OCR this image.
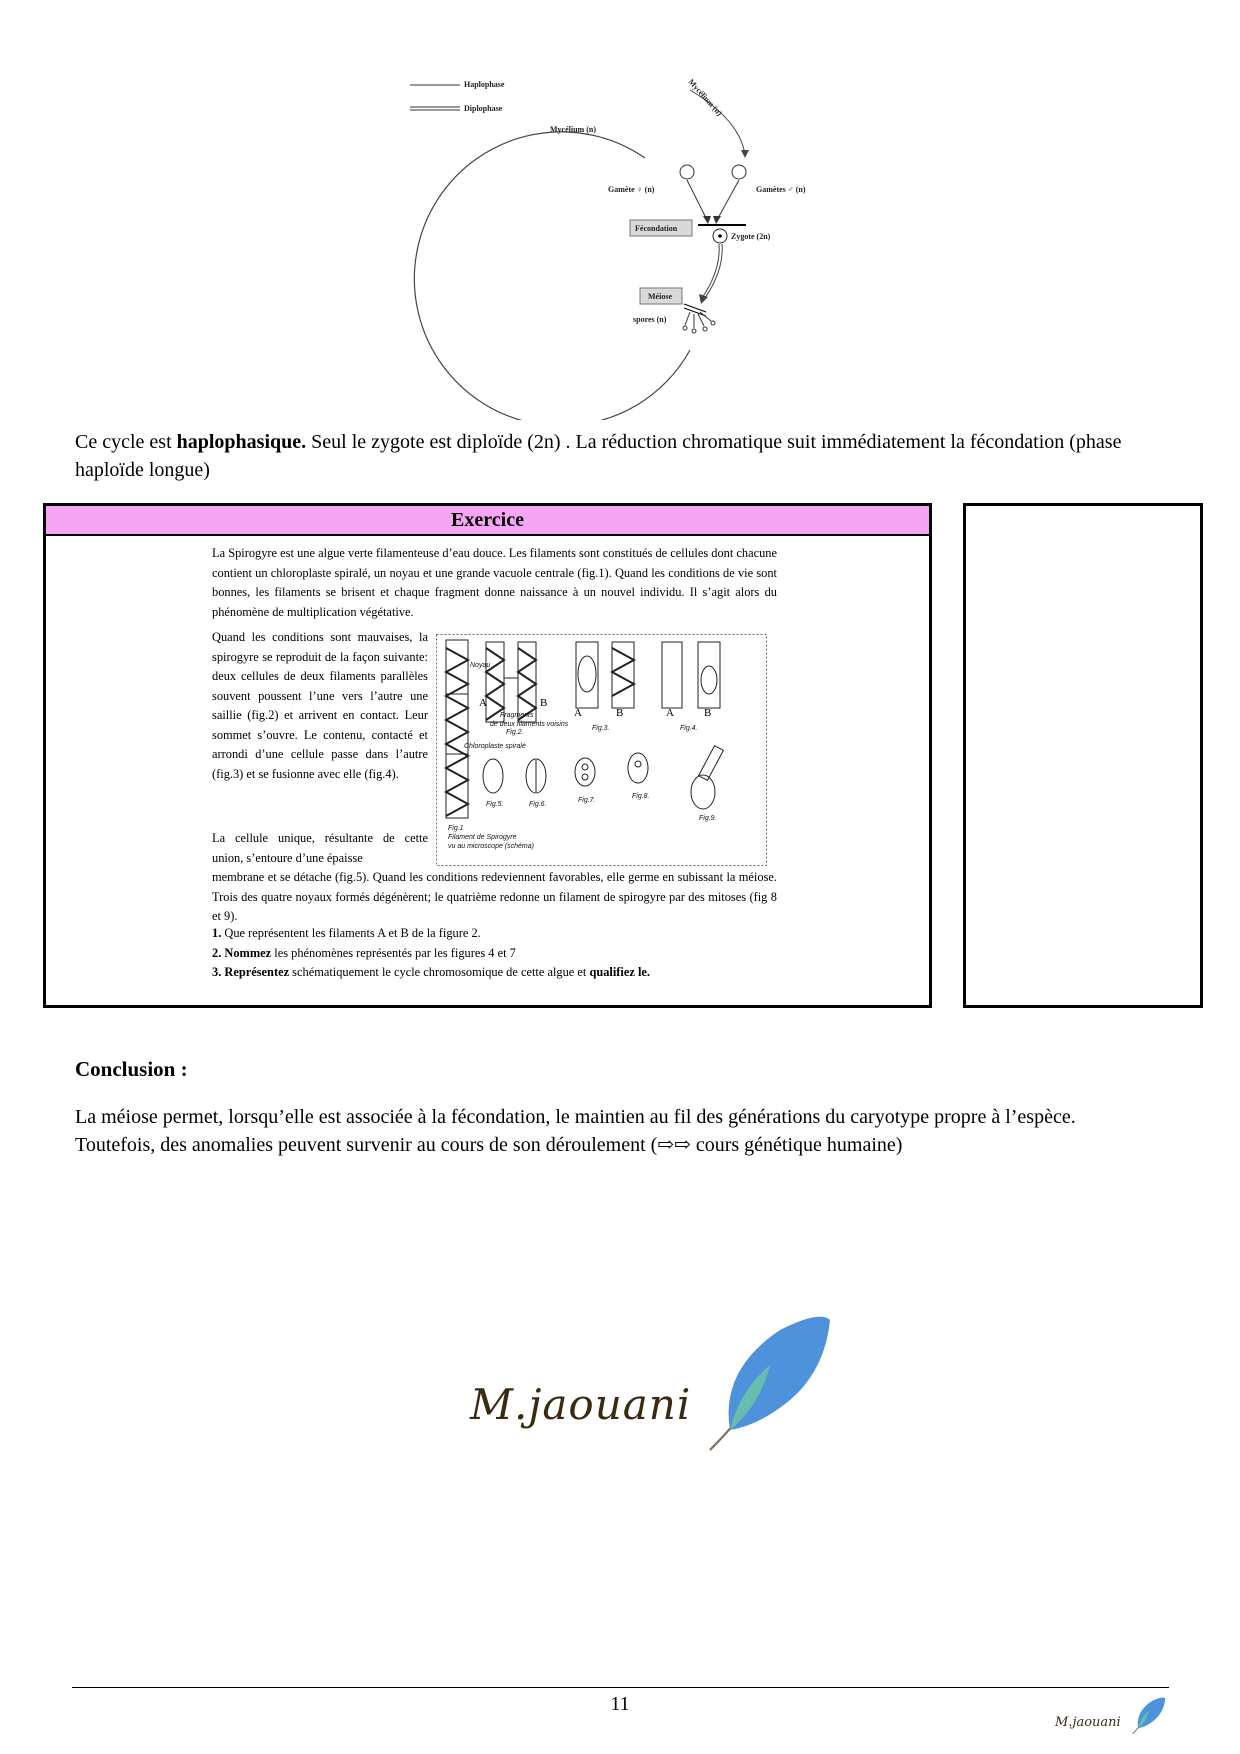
Haplophase
Diplophase
Mycélium (n)
Mycélium (n)
Gamète ♀ (n)	Gamètes ♂ (n)
Fécondation
Zygote (2n)
Méiose
spores (n)

Ce cycle est haplophasique. Seul le zygote est diploïde (2n) . La réduction chromatique suit immédiatement la fécondation (phase haploïde longue)

Exercice
La Spirogyre est une algue verte filamenteuse d’eau douce. Les filaments sont constitués de cellules dont chacune contient un chloroplaste spiralé, un noyau et une grande vacuole centrale (fig.1). Quand les conditions de vie sont bonnes, les filaments se brisent et chaque fragment donne naissance à un nouvel individu. Il s’agit alors du phénomène de multiplication végétative.
Quand les conditions sont mauvaises, la spirogyre se reproduit de la façon suivante: deux cellules de deux filaments parallèles souvent poussent l’une vers l’autre une saillie (fig.2) et arrivent en contact. Leur sommet s’ouvre. Le contenu, contacté et arrondi d’une cellule passe dans l’autre (fig.3) et se fusionne avec elle (fig.4).
La cellule unique, résultante de cette union, s’entoure d’une épaisse
membrane et se détache (fig.5). Quand les conditions redeviennent favorables, elle germe en subissant la méiose. Trois des quatre noyaux formés dégénèrent; le quatrième redonne un filament de spirogyre par des mitoses (fig 8 et 9).
1. Que représentent les filaments A et B de la figure 2.
2. Nommez les phénomènes représentés par les figures 4 et 7
3. Représentez schématiquement le cycle chromosomique de cette algue et qualifiez le.
Noyau
A	B
Fragments
de deux filaments voisins
Fig.2.
A	B
Fig.3.
A	B
Fig.4.
Chloroplaste spiralé
Fig.5.	Fig.6.
Fig.7.
Fig.8.
Fig.9.
Fig.1
Filament de Spirogyre
vu au microscope (schéma)
Conclusion :

La méiose permet, lorsqu’elle est associée à la fécondation, le maintien au fil des générations du caryotype propre à l’espèce. Toutefois, des anomalies peuvent survenir au cours de son déroulement (⇨⇨ cours génétique humaine)

M.jaouani
11
M.jaouani
